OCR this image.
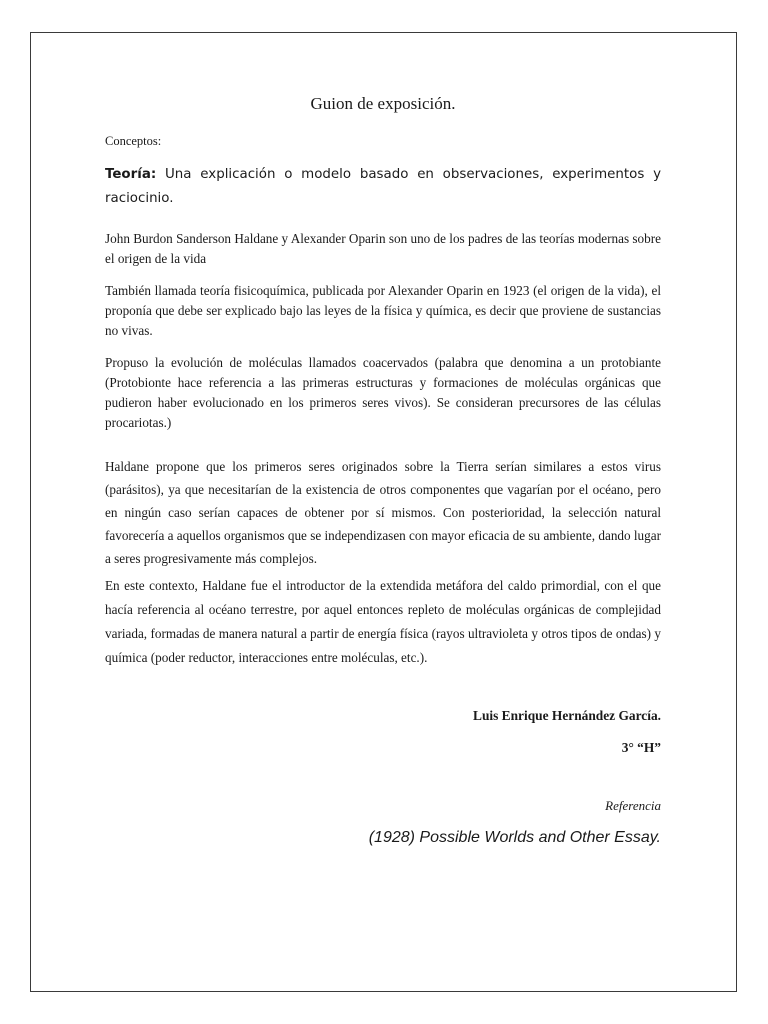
Guion de exposición.
Conceptos:
Teoría: Una explicación o modelo basado en observaciones, experimentos y raciocinio.
John Burdon Sanderson Haldane y Alexander Oparin son uno de los padres de las teorías modernas sobre el origen de la vida
También llamada teoría fisicoquímica, publicada por Alexander Oparin en 1923 (el origen de la vida), el proponía que debe ser explicado bajo las leyes de la física y química, es decir que proviene de sustancias no vivas.
Propuso la evolución de moléculas llamados coacervados (palabra que denomina a un protobiante (Protobionte hace referencia a las primeras estructuras y formaciones de moléculas orgánicas que pudieron haber evolucionado en los primeros seres vivos). Se consideran precursores de las células procariotas.)
Haldane propone que los primeros seres originados sobre la Tierra serían similares a estos virus (parásitos), ya que necesitarían de la existencia de otros componentes que vagarían por el océano, pero en ningún caso serían capaces de obtener por sí mismos. Con posterioridad, la selección natural favorecería a aquellos organismos que se independizasen con mayor eficacia de su ambiente, dando lugar a seres progresivamente más complejos.
En este contexto, Haldane fue el introductor de la extendida metáfora del caldo primordial, con el que hacía referencia al océano terrestre, por aquel entonces repleto de moléculas orgánicas de complejidad variada, formadas de manera natural a partir de energía física (rayos ultravioleta y otros tipos de ondas) y química (poder reductor, interacciones entre moléculas, etc.).
Luis Enrique Hernández García.
3° “H”
Referencia
(1928) Possible Worlds and Other Essay.
